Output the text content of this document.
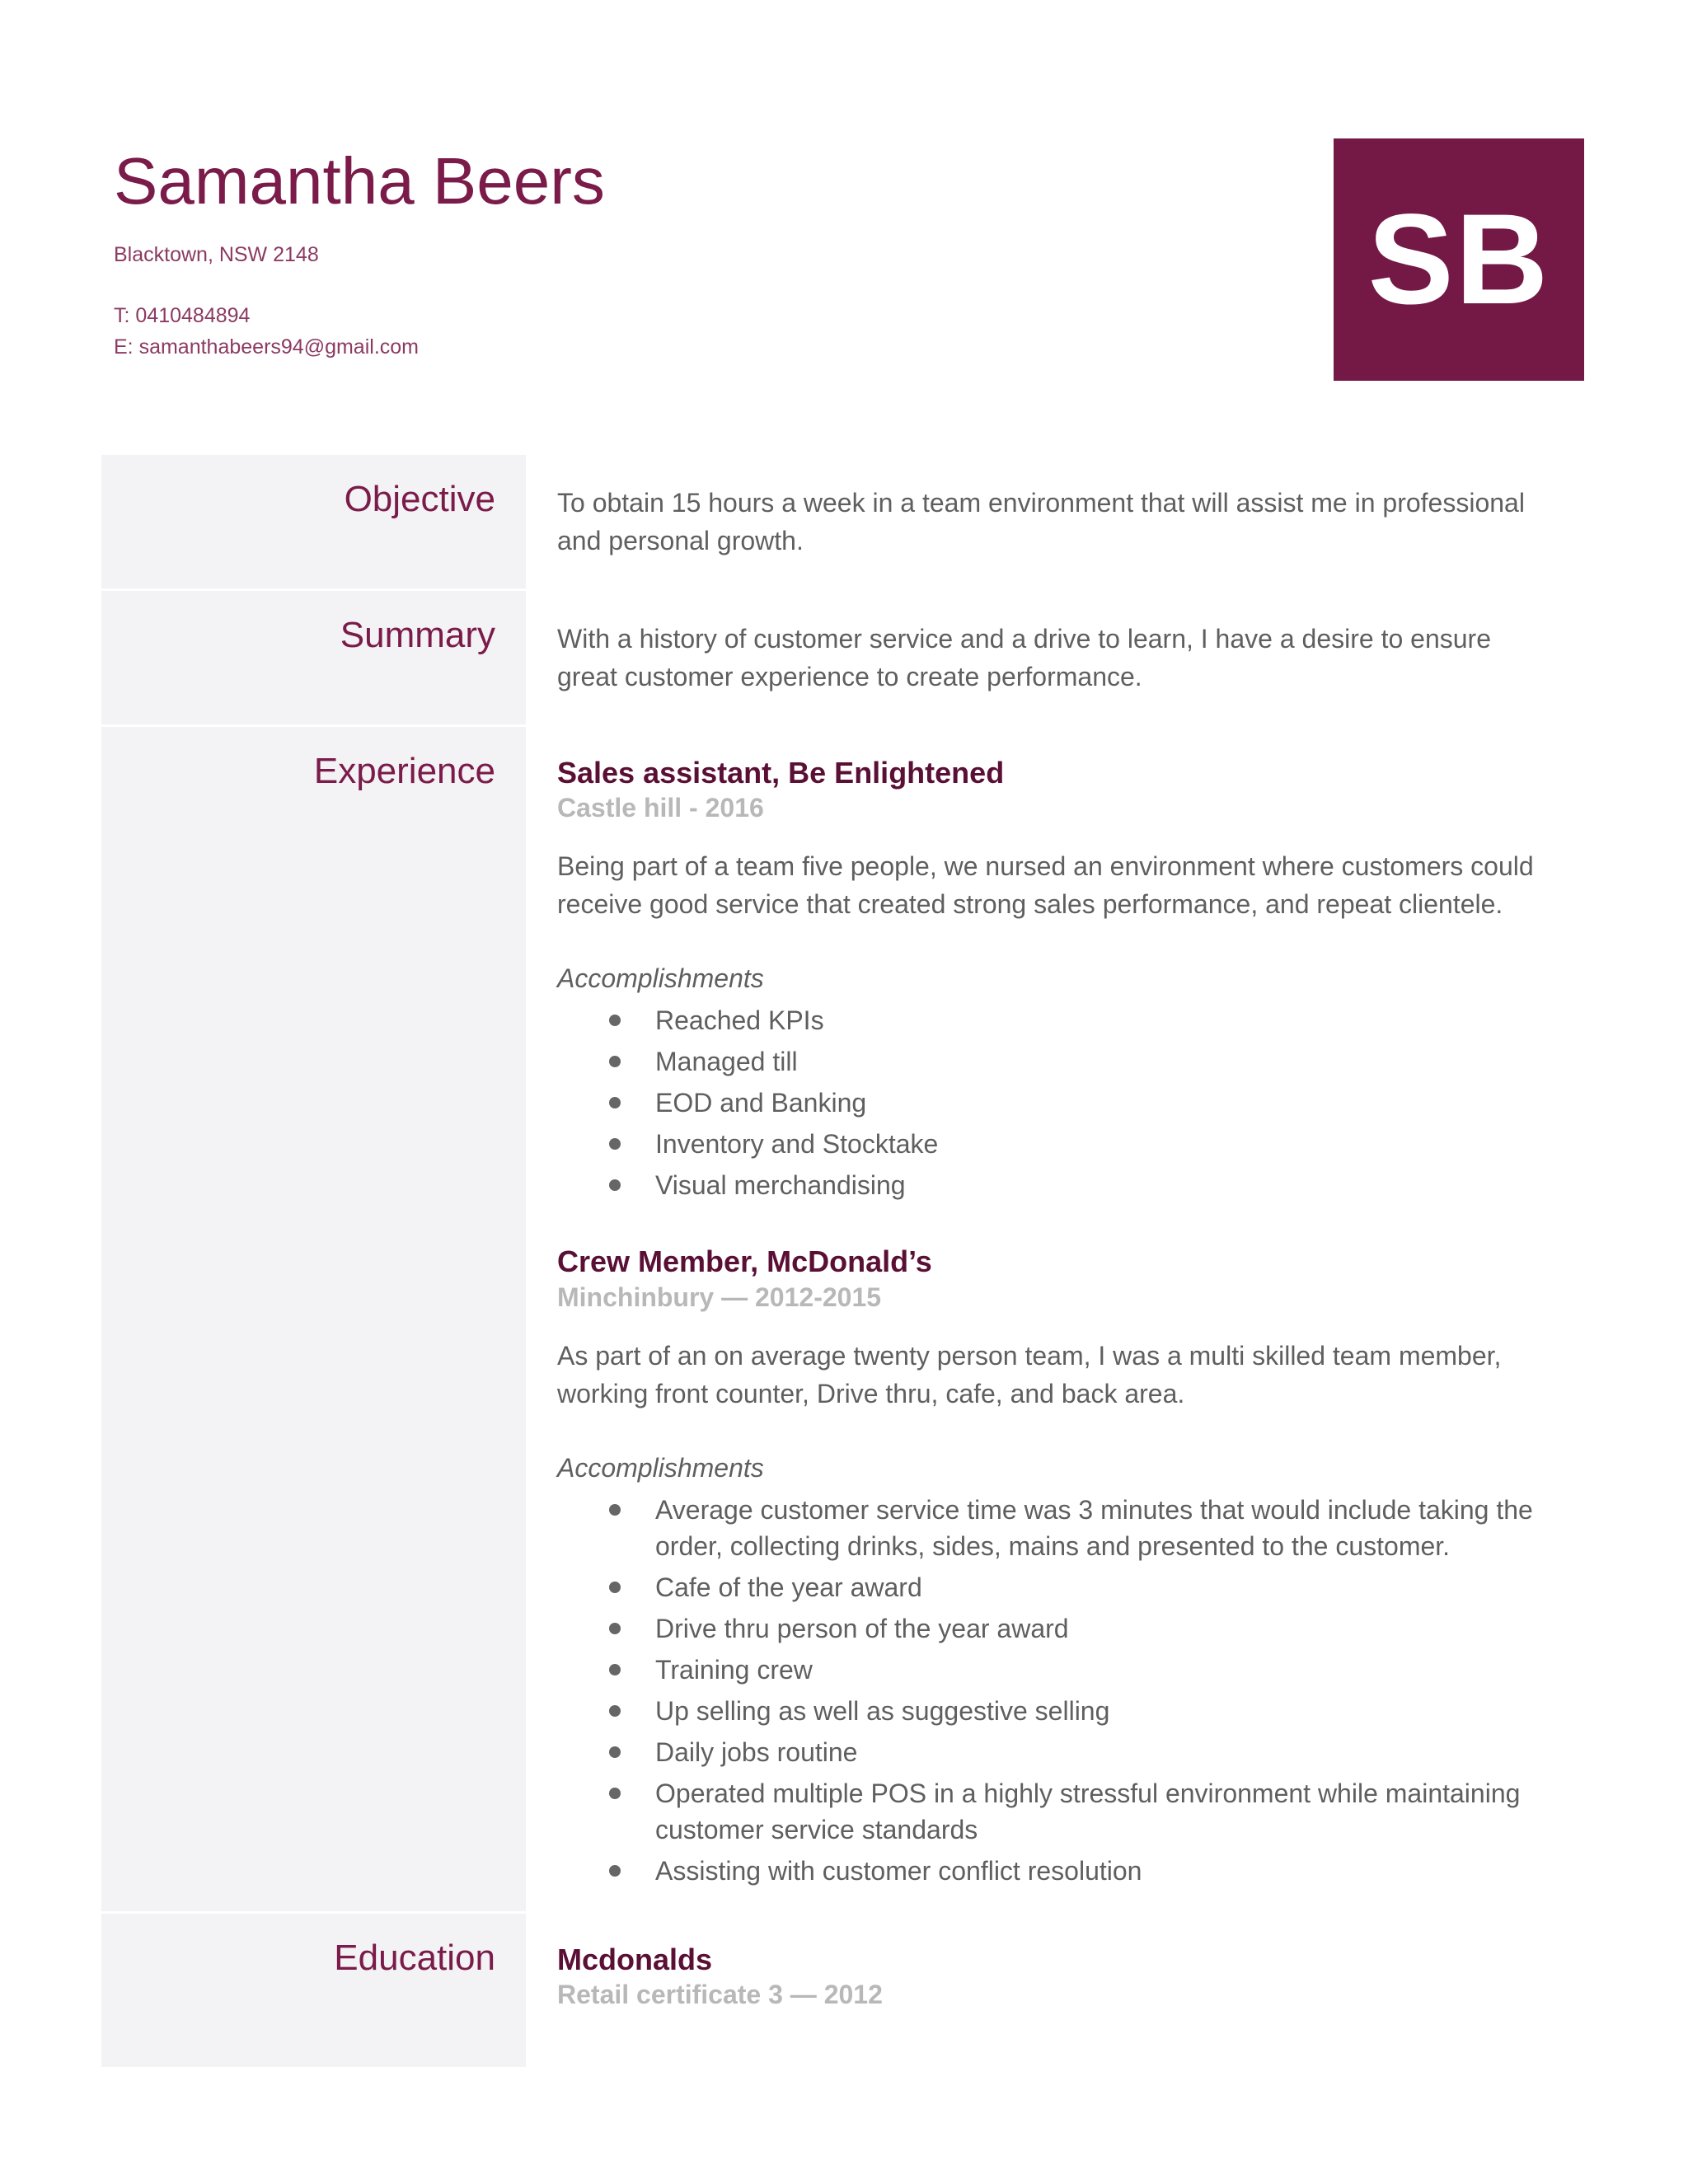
Samantha Beers

Blacktown, NSW 2148

T: 0410484894

E: samanthabeers94@gmail.com

SB
Objective To obtain 15 hours a week in a team environment that will assist me in professional and personal growth.

Summary With a history of customer service and a drive to learn, I have a desire to ensure great customer experience to create performance.

Experience Sales assistant, Be Enlightened

Castle hill - 2016

Being part of a team five people, we nursed an environment where customers could receive good service that created strong sales performance, and repeat clientele.

Accomplishments

Reached KPIs
Managed till
EOD and Banking
Inventory and Stocktake
Visual merchandising

Crew Member, McDonald’s

Minchinbury — 2012-2015

As part of an on average twenty person team, I was a multi skilled team member, working front counter, Drive thru, cafe, and back area.

Accomplishments

Average customer service time was 3 minutes that would include taking the order, collecting drinks, sides, mains and presented to the customer.
Cafe of the year award
Drive thru person of the year award
Training crew
Up selling as well as suggestive selling
Daily jobs routine
Operated multiple POS in a highly stressful environment while maintaining customer service standards
Assisting with customer conflict resolution
Education Mcdonalds

Retail certificate 3 — 2012
